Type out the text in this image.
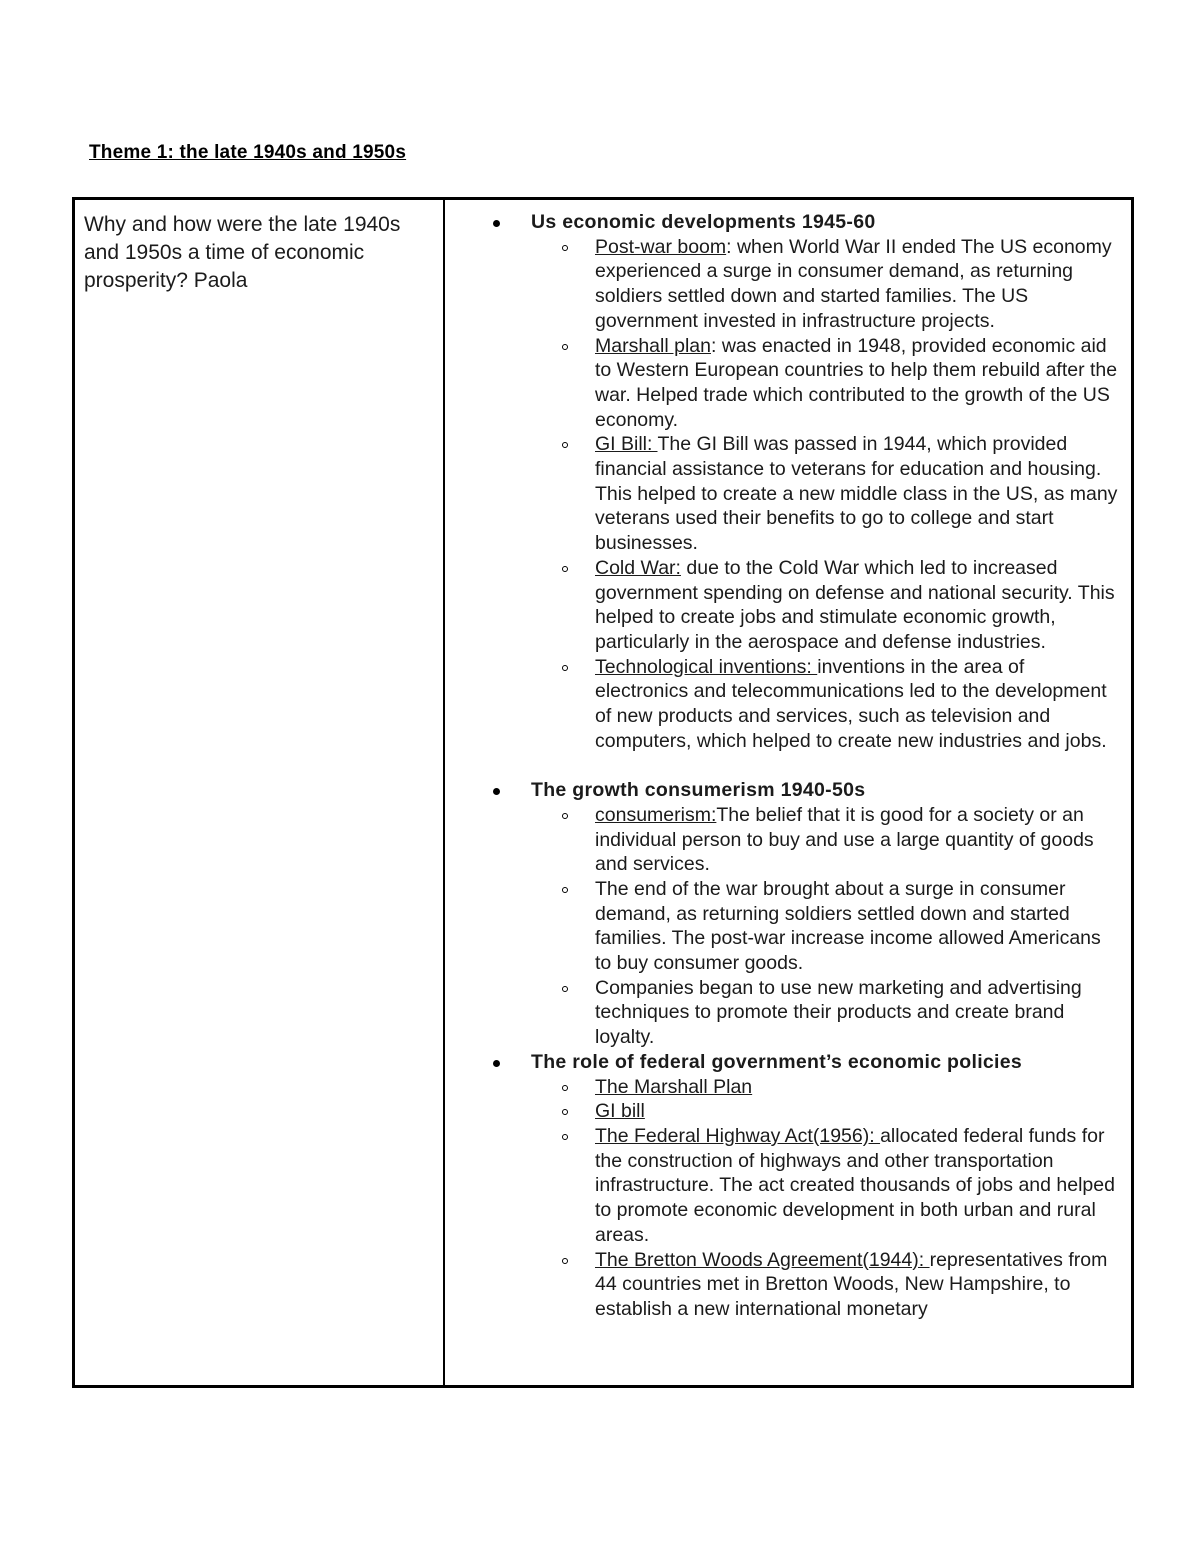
Theme 1: the late 1940s and 1950s
Why and how were the late 1940s and 1950s a time of economic prosperity? Paola
Us economic developments 1945-60
Post-war boom: when World War II ended The US economy experienced a surge in consumer demand, as returning soldiers settled down and started families. The US government invested in infrastructure projects.
Marshall plan: was enacted in 1948, provided economic aid to Western European countries to help them rebuild after the war. Helped trade which contributed to the growth of the US economy.
GI Bill: The GI Bill was passed in 1944, which provided financial assistance to veterans for education and housing. This helped to create a new middle class in the US, as many veterans used their benefits to go to college and start businesses.
Cold War: due to the Cold War which led to increased government spending on defense and national security. This helped to create jobs and stimulate economic growth, particularly in the aerospace and defense industries.
Technological inventions: inventions in the area of electronics and telecommunications led to the development of new products and services, such as television and computers, which helped to create new industries and jobs.
The growth consumerism 1940-50s
consumerism:The belief that it is good for a society or an individual person to buy and use a large quantity of goods and services.
The end of the war brought about a surge in consumer demand, as returning soldiers settled down and started families. The post-war increase income allowed Americans to buy consumer goods.
Companies began to use new marketing and advertising techniques to promote their products and create brand loyalty.
The role of federal government’s economic policies
The Marshall Plan
GI bill
The Federal Highway Act(1956): allocated federal funds for the construction of highways and other transportation infrastructure. The act created thousands of jobs and helped to promote economic development in both urban and rural areas.
The Bretton Woods Agreement(1944): representatives from 44 countries met in Bretton Woods, New Hampshire, to establish a new international monetary
